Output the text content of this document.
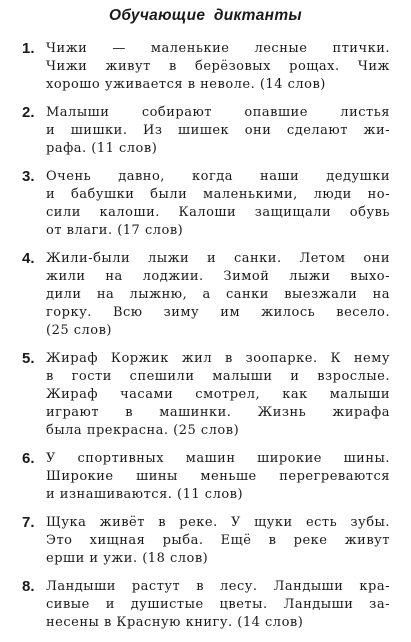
Обучающие диктанты
1. Чижи — маленькие лесные птички.
Чижи живут в берёзовых рощах. Чиж
хорошо уживается в неволе. (14 слов)
2. Малыши собирают опавшие листья
и шишки. Из шишек они сделают жи-
рафа. (11 слов)
3. Очень давно, когда наши дедушки
и бабушки были маленькими, люди но-
сили калоши. Калоши защищали обувь
от влаги. (17 слов)
4. Жили-были лыжи и санки. Летом они
жили на лоджии. Зимой лыжи выхо-
дили на лыжню, а санки выезжали на
горку. Всю зиму им жилось весело.
(25 слов)
5. Жираф Коржик жил в зоопарке. К нему
в гости спешили малыши и взрослые.
Жираф часами смотрел, как малыши
играют в машинки. Жизнь жирафа
была прекрасна. (25 слов)
6. У спортивных машин широкие шины.
Широкие шины меньше перегреваются
и изнашиваются. (11 слов)
7. Щука живёт в реке. У щуки есть зубы.
Это хищная рыба. Ещё в реке живут
ерши и ужи. (18 слов)
8. Ландыши растут в лесу. Ландыши кра-
сивые и душистые цветы. Ландыши за-
несены в Красную книгу. (14 слов)
